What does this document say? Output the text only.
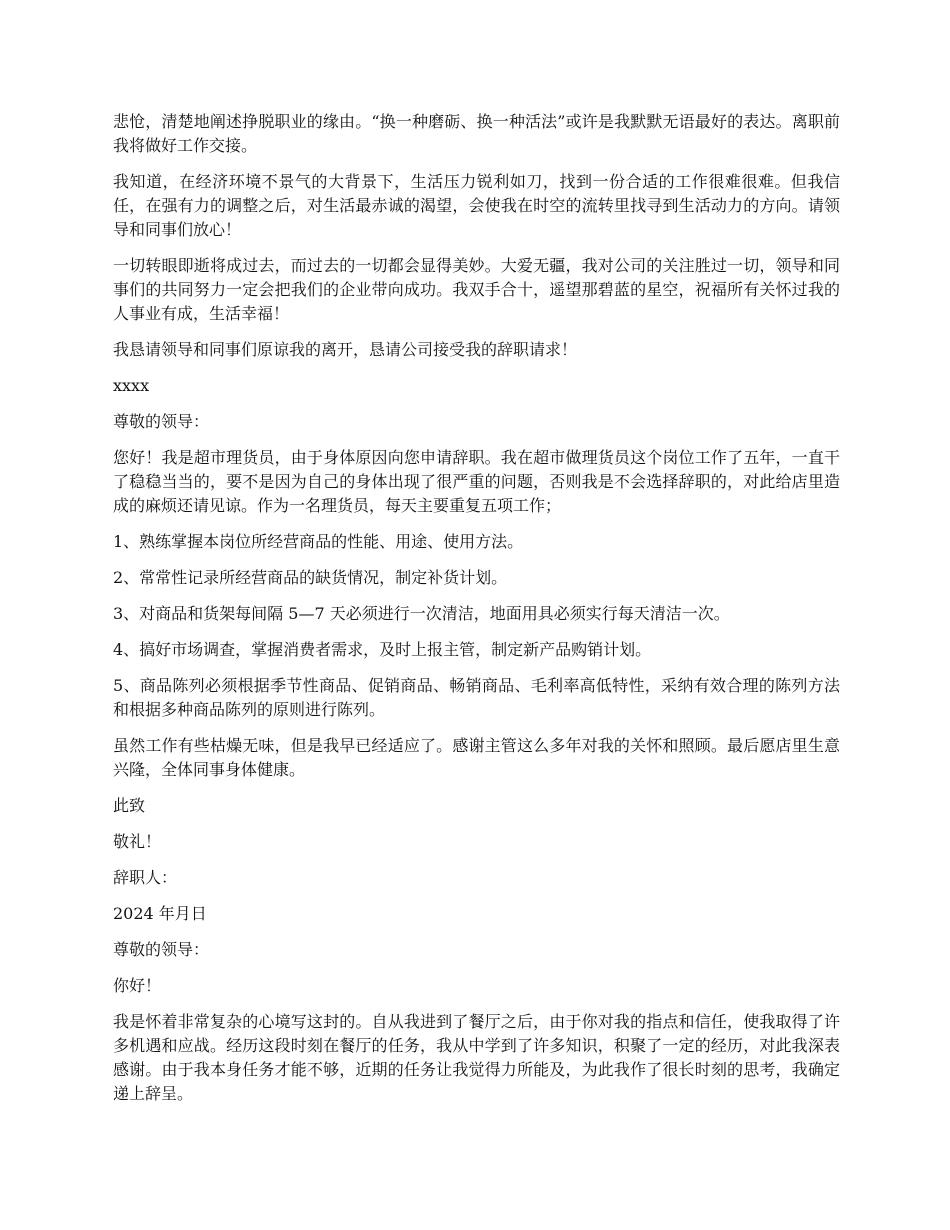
悲怆，清楚地阐述挣脱职业的缘由。“换一种磨砺、换一种活法”或许是我默默无语最好的表达。离职前我将做好工作交接。

我知道，在经济环境不景气的大背景下，生活压力锐利如刀，找到一份合适的工作很难很难。但我信任，在强有力的调整之后，对生活最赤诚的渴望，会使我在时空的流转里找寻到生活动力的方向。请领导和同事们放心！

一切转眼即逝将成过去，而过去的一切都会显得美妙。大爱无疆，我对公司的关注胜过一切，领导和同事们的共同努力一定会把我们的企业带向成功。我双手合十，遥望那碧蓝的星空，祝福所有关怀过我的人事业有成，生活幸福！

我恳请领导和同事们原谅我的离开，恳请公司接受我的辞职请求！

xxxx

尊敬的领导：

您好！我是超市理货员，由于身体原因向您申请辞职。我在超市做理货员这个岗位工作了五年，一直干了稳稳当当的，要不是因为自己的身体出现了很严重的问题，否则我是不会选择辞职的，对此给店里造成的麻烦还请见谅。作为一名理货员，每天主要重复五项工作；

1、熟练掌握本岗位所经营商品的性能、用途、使用方法。

2、常常性记录所经营商品的缺货情况，制定补货计划。

3、对商品和货架每间隔 5—7 天必须进行一次清洁，地面用具必须实行每天清洁一次。

4、搞好市场调查，掌握消费者需求，及时上报主管，制定新产品购销计划。

5、商品陈列必须根据季节性商品、促销商品、畅销商品、毛利率高低特性，采纳有效合理的陈列方法和根据多种商品陈列的原则进行陈列。

虽然工作有些枯燥无味，但是我早已经适应了。感谢主管这么多年对我的关怀和照顾。最后愿店里生意兴隆，全体同事身体健康。

此致

敬礼！

辞职人：

2024 年月日

尊敬的领导：

你好！

我是怀着非常复杂的心境写这封的。自从我进到了餐厅之后，由于你对我的指点和信任，使我取得了许多机遇和应战。经历这段时刻在餐厅的任务，我从中学到了许多知识，积聚了一定的经历，对此我深表感谢。由于我本身任务才能不够，近期的任务让我觉得力所能及，为此我作了很长时刻的思考，我确定递上辞呈。
